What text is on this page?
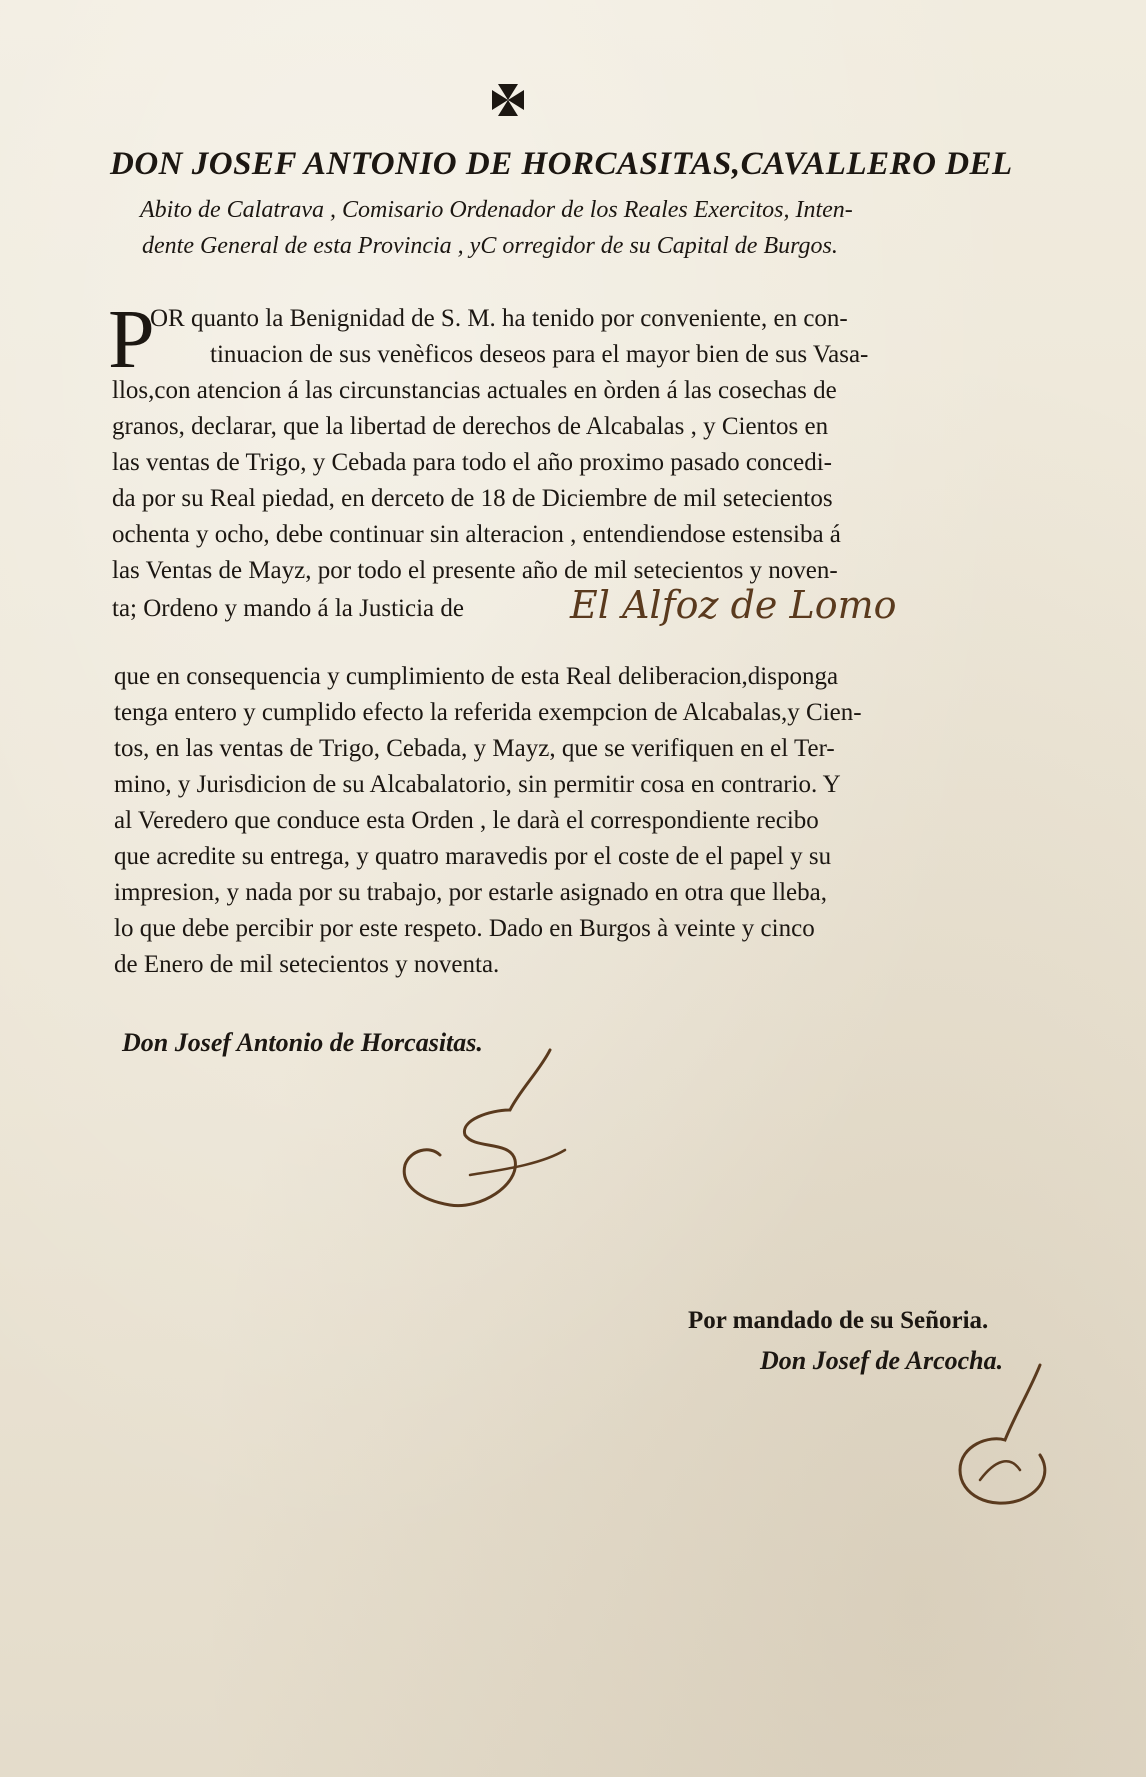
DON JOSEF ANTONIO DE HORCASITAS,CAVALLERO DEL
Abito de Calatrava , Comisario Ordenador de los Reales Exercitos, Inten-
dente General de esta Provincia , yC orregidor de su Capital de Burgos.
P
OR quanto la Benignidad de S. M. ha tenido por conveniente, en con-
tinuacion de sus venèficos deseos para el mayor bien de sus Vasa-
llos,con atencion á las circunstancias actuales en òrden á las cosechas de
granos, declarar, que la libertad de derechos de Alcabalas , y Cientos en
las ventas de Trigo, y Cebada para todo el año proximo pasado concedi-
da por su Real piedad, en derceto de 18 de Diciembre de mil setecientos
ochenta y ocho, debe continuar sin alteracion , entendiendose estensiba á
las Ventas de Mayz, por todo el presente año de mil setecientos y noven-
ta; Ordeno y mando á la Justicia de	El Alfoz de Lomo
que en consequencia y cumplimiento de esta Real deliberacion,disponga
tenga entero y cumplido efecto la referida exempcion de Alcabalas,y Cien-
tos, en las ventas de Trigo, Cebada, y Mayz, que se verifiquen en el Ter-
mino, y Jurisdicion de su Alcabalatorio, sin permitir cosa en contrario. Y
al Veredero que conduce esta Orden , le darà el correspondiente recibo
que acredite su entrega, y quatro maravedis por el coste de el papel y su
impresion, y nada por su trabajo, por estarle asignado en otra que lleba,
lo que debe percibir por este respeto. Dado en Burgos à veinte y cinco
de Enero de mil setecientos y noventa.
Don Josef Antonio de Horcasitas.
Por mandado de su Señoria.
Don Josef de Arcocha.
